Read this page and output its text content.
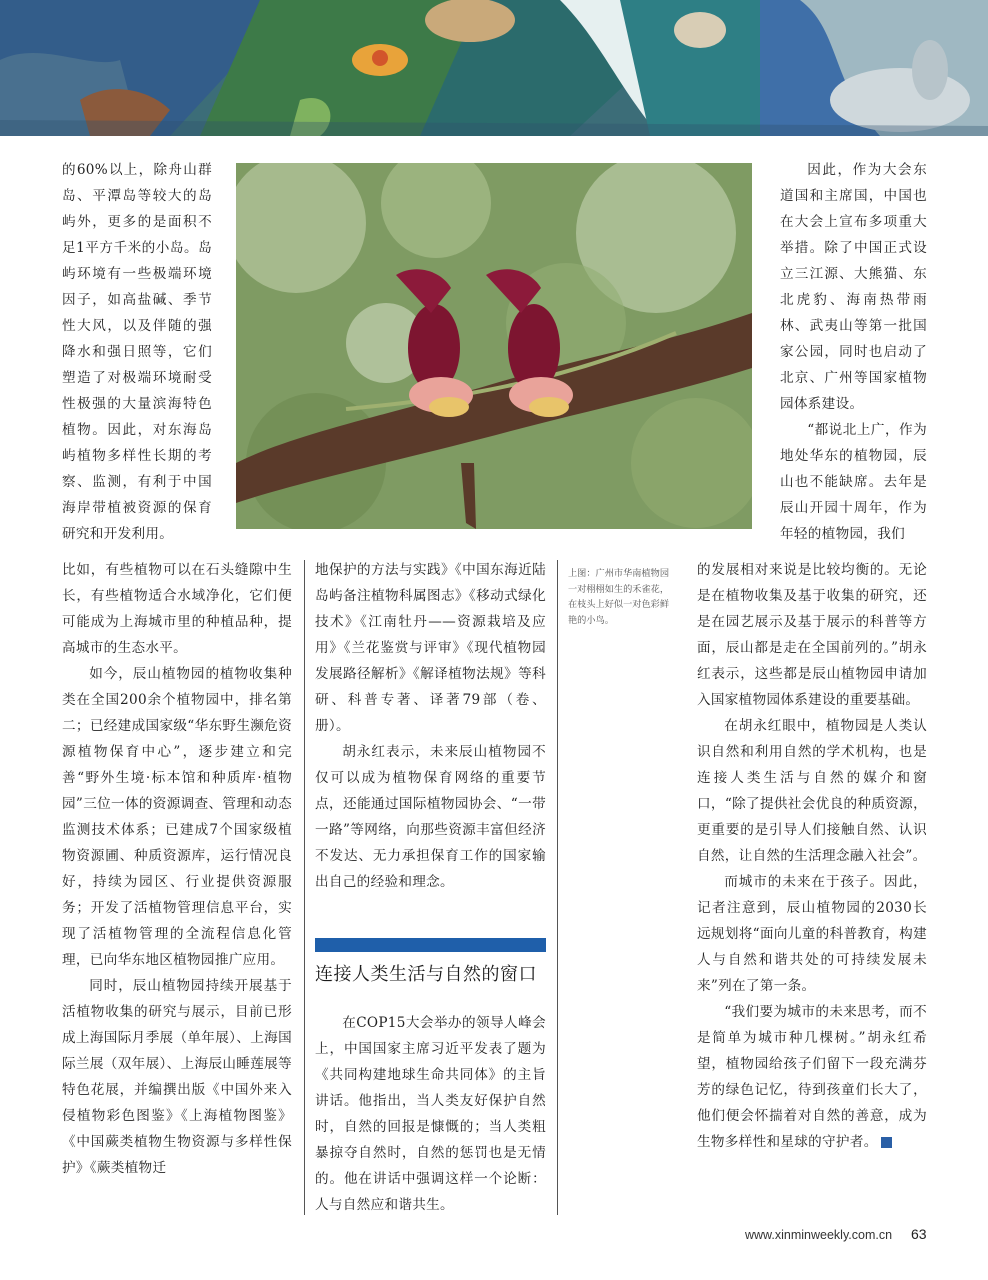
的60%以上，除舟山群岛、平潭岛等较大的岛屿外，更多的是面积不足1平方千米的小岛。岛屿环境有一些极端环境因子，如高盐碱、季节性大风，以及伴随的强降水和强日照等，它们塑造了对极端环境耐受性极强的大量滨海特色植物。因此，对东海岛屿植物多样性长期的考察、监测，有利于中国海岸带植被资源的保育研究和开发利用。

因此，作为大会东道国和主席国，中国也在大会上宣布多项重大举措。除了中国正式设立三江源、大熊猫、东北虎豹、海南热带雨林、武夷山等第一批国家公园，同时也启动了北京、广州等国家植物园体系建设。

“都说北上广，作为地处华东的植物园，辰山也不能缺席。去年是辰山开园十周年，作为年轻的植物园，我们

比如，有些植物可以在石头缝隙中生长，有些植物适合水域净化，它们便可能成为上海城市里的种植品种，提高城市的生态水平。

如今，辰山植物园的植物收集种类在全国200余个植物园中，排名第二；已经建成国家级“华东野生濒危资源植物保育中心”，逐步建立和完善“野外生境·标本馆和种质库·植物园”三位一体的资源调查、管理和动态监测技术体系；已建成7个国家级植物资源圃、种质资源库，运行情况良好，持续为园区、行业提供资源服务；开发了活植物管理信息平台，实现了活植物管理的全流程信息化管理，已向华东地区植物园推广应用。

同时，辰山植物园持续开展基于活植物收集的研究与展示，目前已形成上海国际月季展（单年展）、上海国际兰展（双年展）、上海辰山睡莲展等特色花展，并编撰出版《中国外来入侵植物彩色图鉴》《上海植物图鉴》《中国蕨类植物生物资源与多样性保护》《蕨类植物迁

地保护的方法与实践》《中国东海近陆岛屿备注植物科属图志》《移动式绿化技术》《江南牡丹——资源栽培及应用》《兰花鉴赏与评审》《现代植物园发展路径解析》《解译植物法规》等科研、科普专著、译著79部（卷、册）。

胡永红表示，未来辰山植物园不仅可以成为植物保育网络的重要节点，还能通过国际植物园协会、“一带一路”等网络，向那些资源丰富但经济不发达、无力承担保育工作的国家输出自己的经验和理念。

连接人类生活与自然的窗口

在COP15大会举办的领导人峰会上，中国国家主席习近平发表了题为《共同构建地球生命共同体》的主旨讲话。他指出，当人类友好保护自然时，自然的回报是慷慨的；当人类粗暴掠夺自然时，自然的惩罚也是无情的。他在讲话中强调这样一个论断：人与自然应和谐共生。

上图：广州市华南植物园一对栩栩如生的禾雀花，在枝头上好似一对色彩鲜艳的小鸟。

的发展相对来说是比较均衡的。无论是在植物收集及基于收集的研究，还是在园艺展示及基于展示的科普等方面，辰山都是走在全国前列的。”胡永红表示，这些都是辰山植物园申请加入国家植物园体系建设的重要基础。

在胡永红眼中，植物园是人类认识自然和利用自然的学术机构，也是连接人类生活与自然的媒介和窗口，“除了提供社会优良的种质资源，更重要的是引导人们接触自然、认识自然，让自然的生活理念融入社会”。

而城市的未来在于孩子。因此，记者注意到，辰山植物园的2030长远规划将“面向儿童的科普教育，构建人与自然和谐共处的可持续发展未来”列在了第一条。

“我们要为城市的未来思考，而不是简单为城市种几棵树。”胡永红希望，植物园给孩子们留下一段充满芬芳的绿色记忆，待到孩童们长大了，他们便会怀揣着对自然的善意，成为生物多样性和星球的守护者。	民

www.xinminweekly.com.cn 63
